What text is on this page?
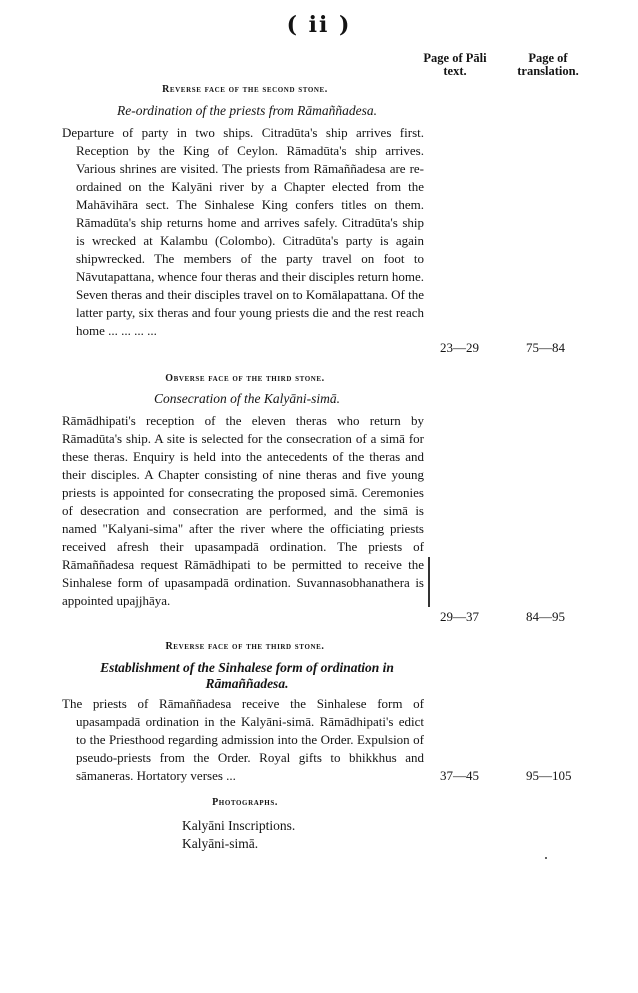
( ii )
Page of Pāli text.
Page of translation.
Reverse face of the second stone.
Re-ordination of the priests from Rāmaññadesa.

Departure of party in two ships. Citradūta's ship arrives first. Reception by the King of Ceylon. Rāmadūta's ship arrives. Various shrines are visited. The priests from Rāmaññadesa are re-ordained on the Kalyāni river by a Chapter elected from the Mahāvihāra sect. The Sinhalese King confers titles on them. Rāmadūta's ship returns home and arrives safely. Citradūta's ship is wrecked at Kalambu (Colombo). Citradūta's party is again shipwrecked. The members of the party travel on foot to Nāvutapattana, whence four theras and their disciples return home. Seven theras and their disciples travel on to Komālapattana. Of the latter party, six theras and four young priests die and the rest reach home ... ... ... ...

23—29	75—84
Obverse face of the third stone.
Consecration of the Kalyāni-simā.

Rāmādhipati's reception of the eleven theras who return by Rāmadūta's ship. A site is selected for the consecration of a simā for these theras. Enquiry is held into the antecedents of the theras and their disciples. A Chapter consisting of nine theras and five young priests is appointed for consecrating the proposed simā. Ceremonies of desecration and consecration are performed, and the simā is named "Kalyani-sima" after the river where the officiating priests received afresh their upasampadā ordination. The priests of Rāmaññadesa request Rāmādhipati to be permitted to receive the Sinhalese form of upasampadā ordination. Suvannasobhanathera is appointed upajjhāya.

29—37	84—95
Reverse face of the third stone.
Establishment of the Sinhalese form of ordination in Rāmaññadesa.

The priests of Rāmaññadesa receive the Sinhalese form of upasampadā ordination in the Kalyāni-simā. Rāmādhipati's edict to the Priesthood regarding admission into the Order. Expulsion of pseudo-priests from the Order. Royal gifts to bhikkhus and sāmaneras. Hortatory verses ...	37—45	95—105
Photographs.
Kalyāni Inscriptions.
Kalyāni-simā.
